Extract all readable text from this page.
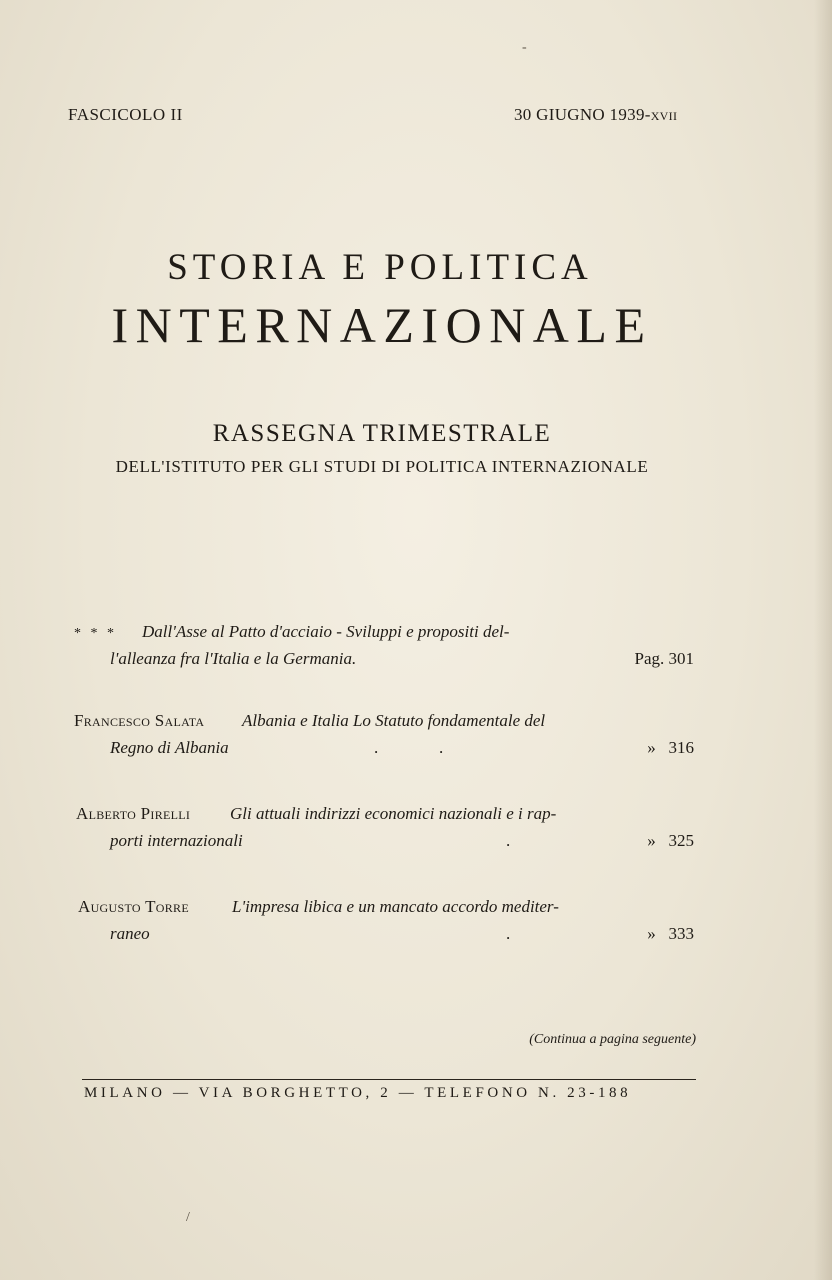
FASCICOLO II	30 GIUGNO 1939-XVII
STORIA E POLITICA
INTERNAZIONALE
RASSEGNA TRIMESTRALE
DELL'ISTITUTO PER GLI STUDI DI POLITICA INTERNAZIONALE
* * * Dall'Asse al Patto d'acciaio - Sviluppi e propositi del-
l'alleanza fra l'Italia e la Germania.	Pag. 301
Francesco Salata Albania e Italia Lo Statuto fondamentale del
Regno di Albania	.	.	» 316
Alberto Pirelli Gli attuali indirizzi economici nazionali e i rap-
porti internazionali	.	» 325
Augusto Torre	L'impresa libica e un mancato accordo mediter-
raneo	.	» 333
(Continua a pagina seguente)
MILANO — VIA BORGHETTO, 2 — TELEFONO N. 23-188
-
/
